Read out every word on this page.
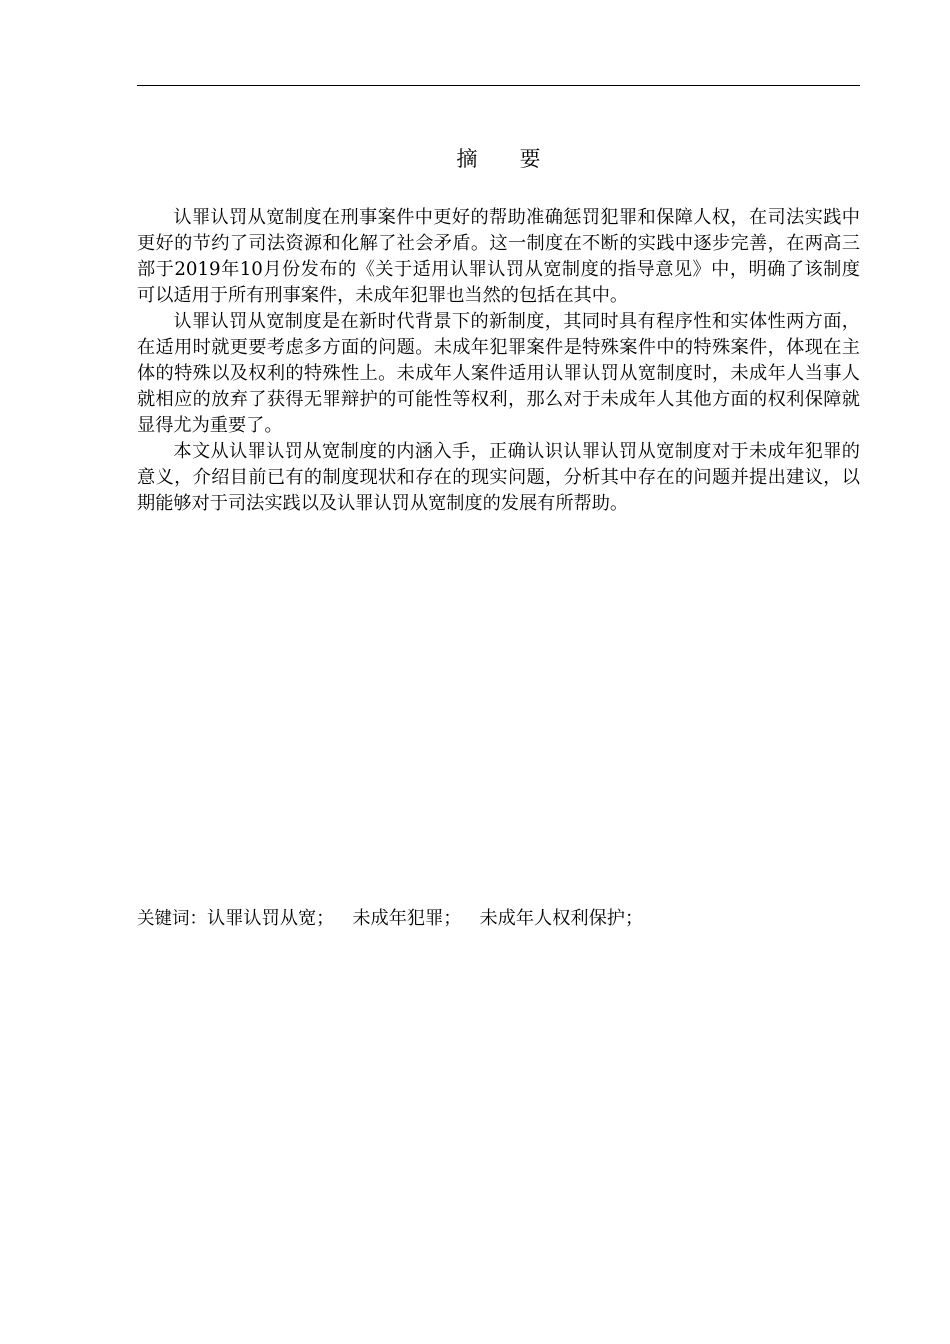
摘 要

认罪认罚从宽制度在刑事案件中更好的帮助准确惩罚犯罪和保障人权，在司法实践中更好的节约了司法资源和化解了社会矛盾。这一制度在不断的实践中逐步完善，在两高三部于2019年10月份发布的《关于适用认罪认罚从宽制度的指导意见》中，明确了该制度可以适用于所有刑事案件，未成年犯罪也当然的包括在其中。

认罪认罚从宽制度是在新时代背景下的新制度，其同时具有程序性和实体性两方面，在适用时就更要考虑多方面的问题。未成年犯罪案件是特殊案件中的特殊案件，体现在主体的特殊以及权利的特殊性上。未成年人案件适用认罪认罚从宽制度时，未成年人当事人就相应的放弃了获得无罪辩护的可能性等权利，那么对于未成年人其他方面的权利保障就显得尤为重要了。

本文从认罪认罚从宽制度的内涵入手，正确认识认罪认罚从宽制度对于未成年犯罪的意义，介绍目前已有的制度现状和存在的现实问题，分析其中存在的问题并提出建议，以期能够对于司法实践以及认罪认罚从宽制度的发展有所帮助。

关键词：认罪认罚从宽； 未成年犯罪； 未成年人权利保护；
